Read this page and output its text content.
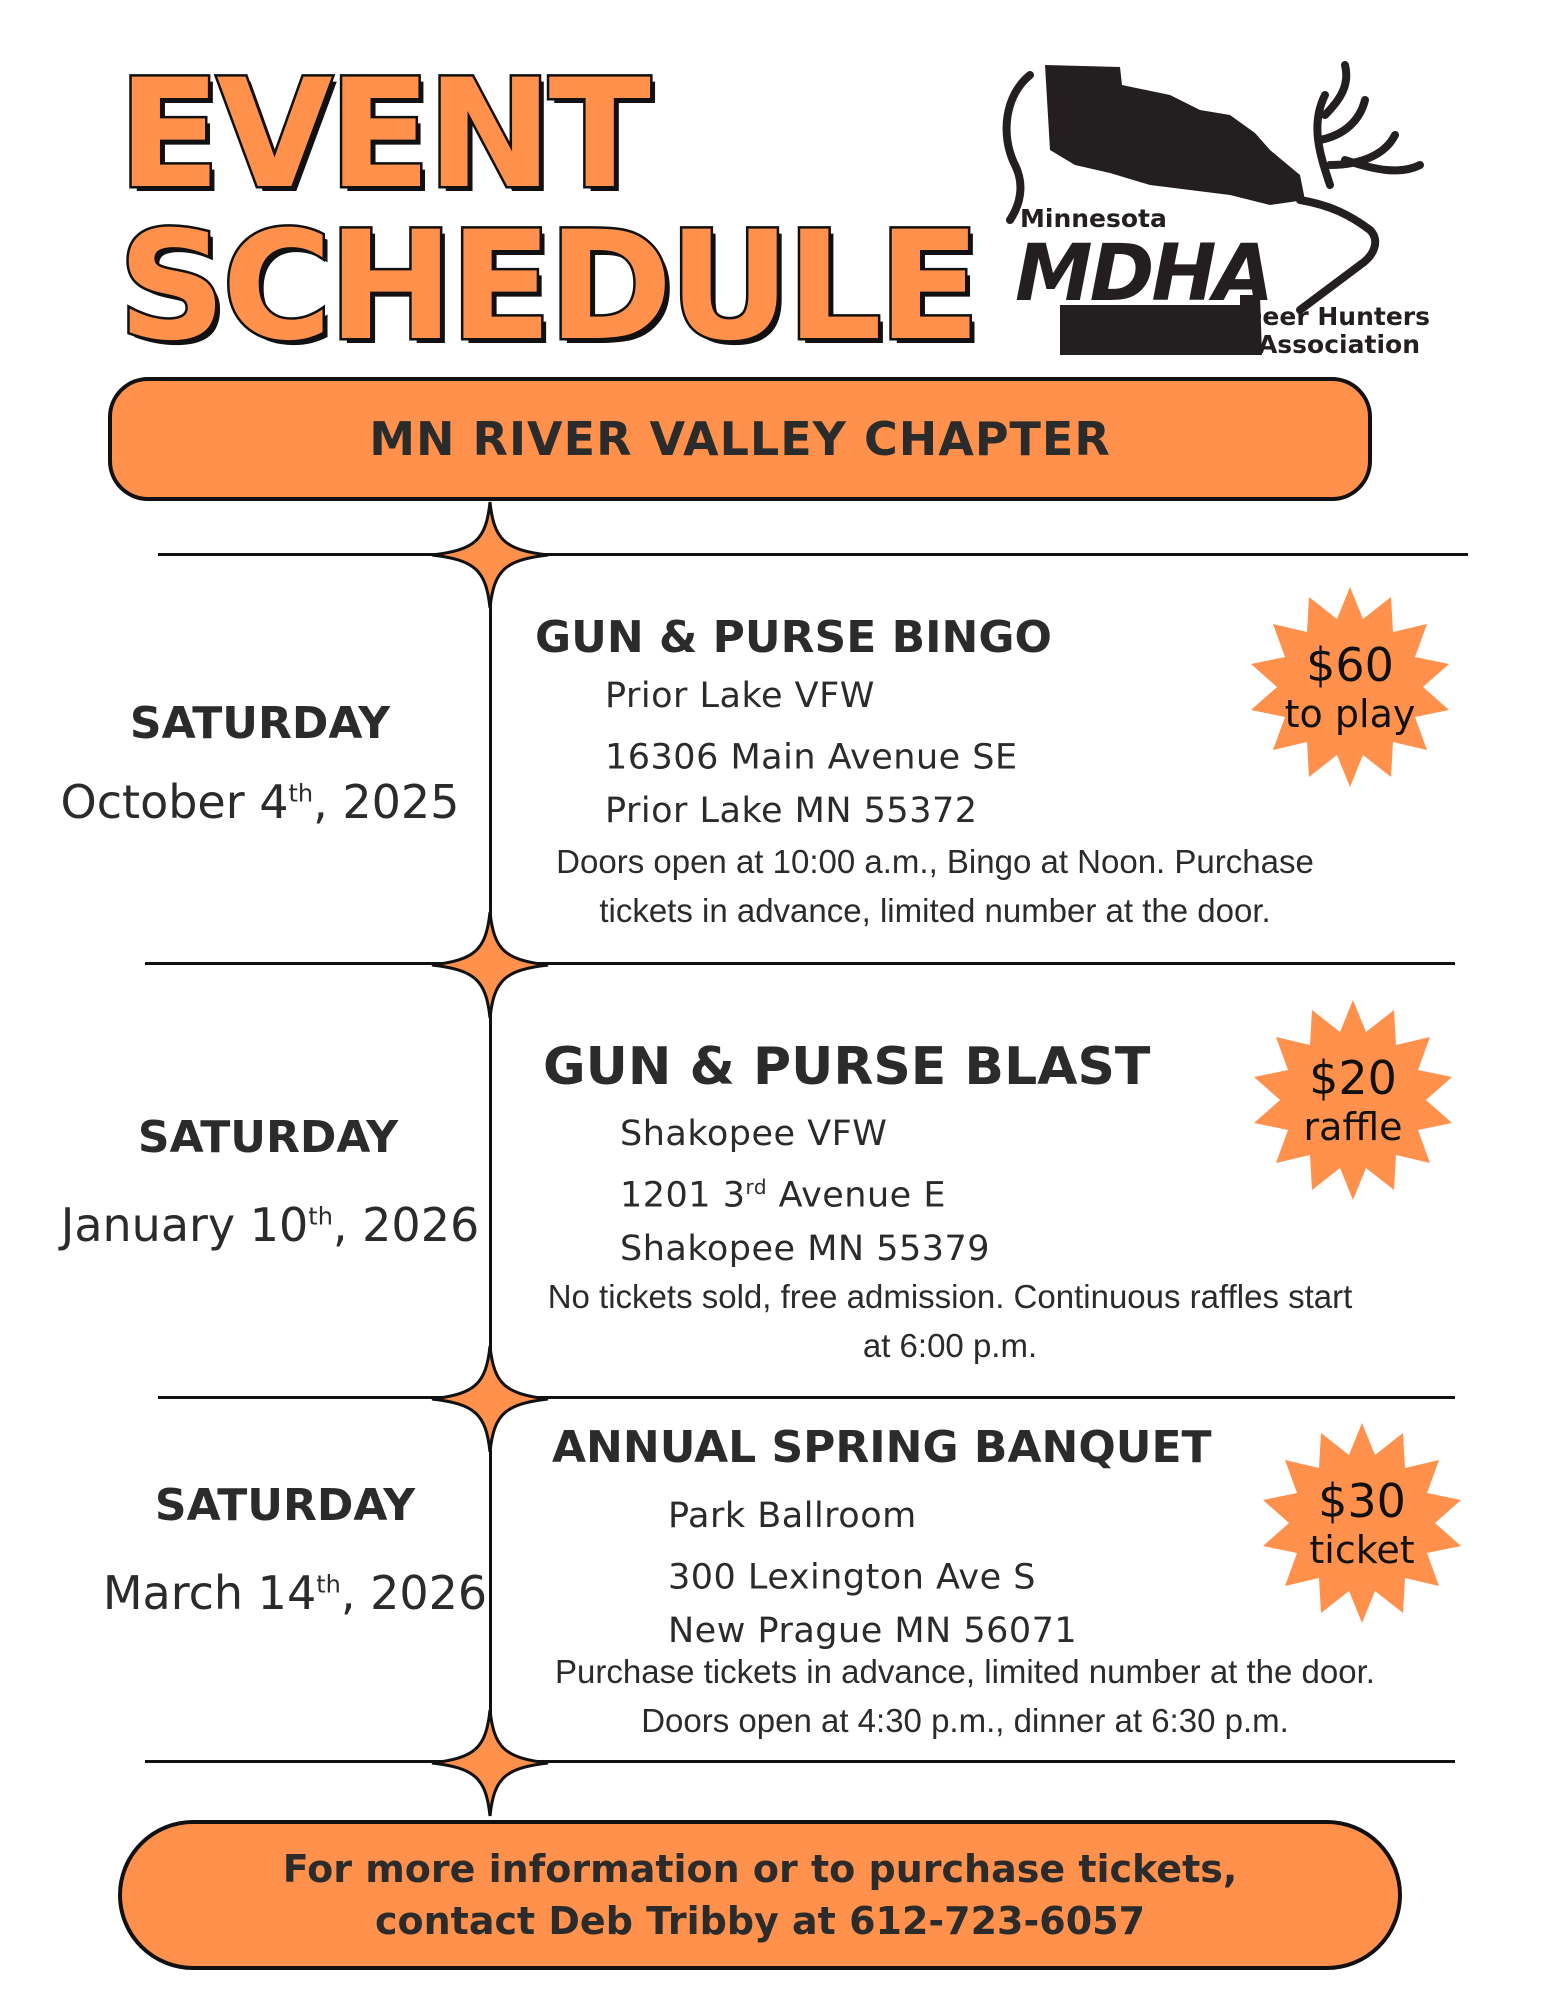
EVENT
SCHEDULE Minnesota
MDHA
Deer Hunters
Association
MN RIVER VALLEY CHAPTER
SATURDAY
October 4th, 2025
GUN & PURSE BINGO
Prior Lake VFW
16306 Main Avenue SE
Prior Lake MN 55372
Doors open at 10:00 a.m., Bingo at Noon. Purchase
tickets in advance, limited number at the door.
$60
to play
SATURDAY
January 10th, 2026
GUN & PURSE BLAST
Shakopee VFW
1201 3rd Avenue E
Shakopee MN 55379
No tickets sold, free admission. Continuous raffles start
at 6:00 p.m.
$20
raffle
SATURDAY
March 14th, 2026
ANNUAL SPRING BANQUET
Park Ballroom
300 Lexington Ave S
New Prague MN 56071
Purchase tickets in advance, limited number at the door.
Doors open at 4:30 p.m., dinner at 6:30 p.m.
$30
ticket
For more information or to purchase tickets,
contact Deb Tribby at 612-723-6057
